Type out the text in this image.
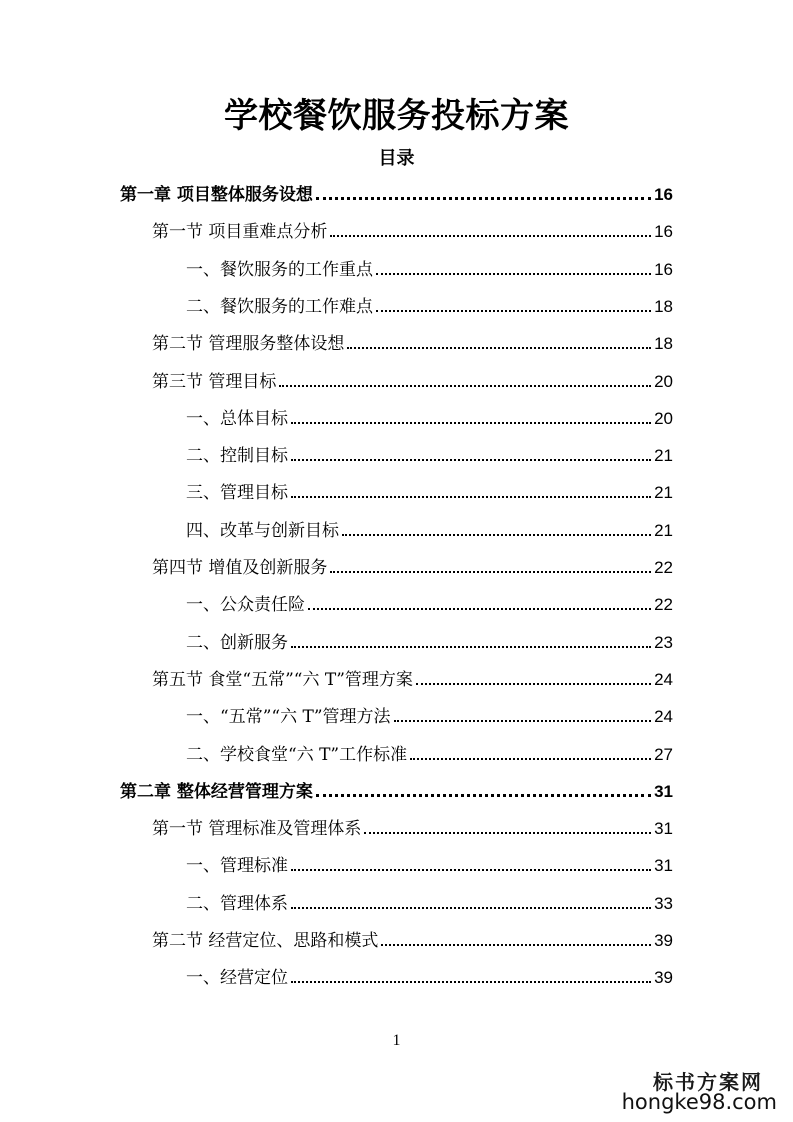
学校餐饮服务投标方案
目录
第一章 项目整体服务设想	16
第一节 项目重难点分析	16
一、餐饮服务的工作重点	16
二、餐饮服务的工作难点	18
第二节 管理服务整体设想	18
第三节 管理目标	20
一、总体目标	20
二、控制目标	21
三、管理目标	21
四、改革与创新目标	21
第四节 增值及创新服务	22
一、公众责任险	22
二、创新服务	23
第五节 食堂“五常”“六 T”管理方案	24
一、“五常”“六 T”管理方法	24
二、学校食堂“六 T”工作标准	27
第二章 整体经营管理方案	31
第一节 管理标准及管理体系	31
一、管理标准	31
二、管理体系	33
第二节 经营定位、思路和模式	39
一、经营定位	39
1
标书方案网
hongke98.com
